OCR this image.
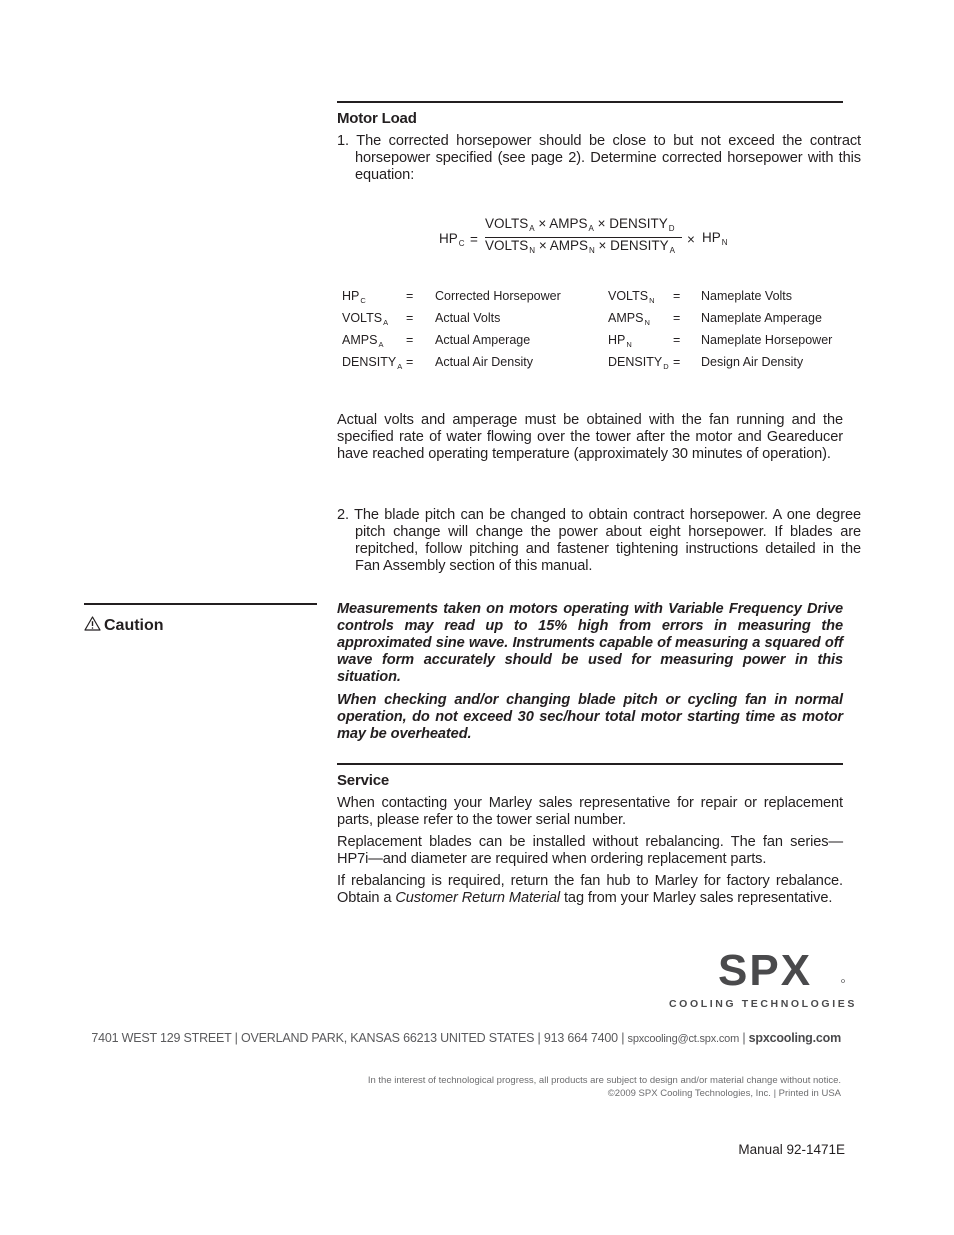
Motor Load
1. The corrected horsepower should be close to but not exceed the contract horsepower specified (see page 2). Determine corrected horsepower with this equation:
$HP_C$ =
$VOLTS_A$ × $AMPS_A$ × $DENSITY_D$
$VOLTS_N$ × $AMPS_N$ × $DENSITY_A$
× $HP_N$
$HP_C$	= Corrected Horsepower
$VOLTS_A$ = Actual Volts
$AMPS_A$ = Actual Amperage
$DENSITY_A$ = Actual Air Density
$VOLTS_N$ = Nameplate Volts
$AMPS_N$ = Nameplate Amperage
$HP_N$	= Nameplate Horsepower
$DENSITY_D$ = Design Air Density
Actual volts and amperage must be obtained with the fan running and the specified rate of water flowing over the tower after the motor and Geareducer have reached operating temperature (approximately 30 minutes of operation).
2. The blade pitch can be changed to obtain contract horsepower. A one degree pitch change will change the power about eight horsepower. If blades are repitched, follow pitching and fastener tightening instructions detailed in the Fan Assembly section of this manual.
Caution
Measurements taken on motors operating with Variable Frequency Drive controls may read up to 15% high from errors in measuring the approximated sine wave. Instruments capable of measuring a squared off wave form accurately should be used for measuring power in this situation.
When checking and/or changing blade pitch or cycling fan in normal operation, do not exceed 30 sec/hour total motor starting time as motor may be overheated.
Service
When contacting your Marley sales representative for repair or replacement parts, please refer to the tower serial number.
Replacement blades can be installed without rebalancing. The fan series—HP7i—and diameter are required when ordering replacement parts.
If rebalancing is required, return the fan hub to Marley for factory rebalance. Obtain a Customer Return Material tag from your Marley sales representative.
SPX
COOLING TECHNOLOGIES
7401 WEST 129 STREET | OVERLAND PARK, KANSAS 66213 UNITED STATES | 913 664 7400 | spxcooling@ct.spx.com | spxcooling.com
In the interest of technological progress, all products are subject to design and/or material change without notice.
©2009 SPX Cooling Technologies, Inc. | Printed in USA
Manual 92-1471E
